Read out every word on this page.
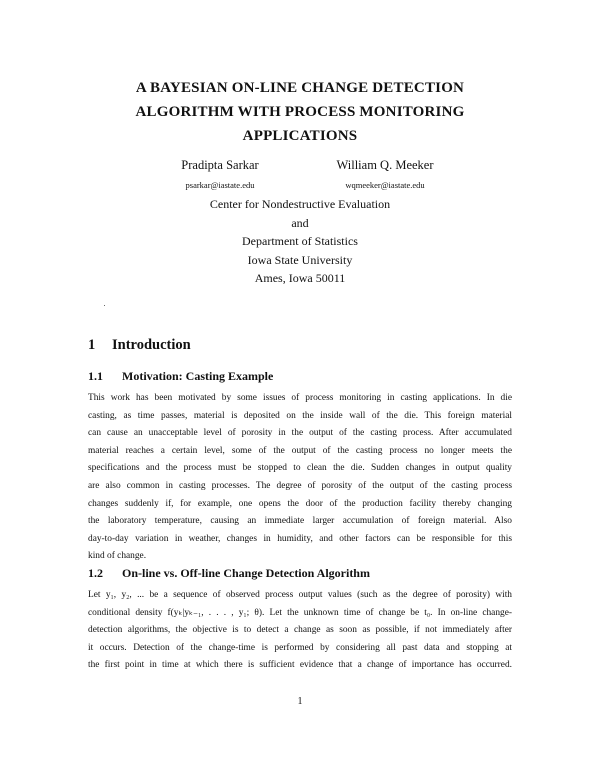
A BAYESIAN ON-LINE CHANGE DETECTION
ALGORITHM WITH PROCESS MONITORING
APPLICATIONS
Pradipta Sarkar
psarkar@iastate.edu
William Q. Meeker
wqmeeker@iastate.edu
Center for Nondestructive Evaluation
and
Department of Statistics
Iowa State University
Ames, Iowa 50011
1 Introduction
1.1 Motivation: Casting Example
This work has been motivated by some issues of process monitoring in casting applications. In die
casting, as time passes, material is deposited on the inside wall of the die. This foreign material
can cause an unacceptable level of porosity in the output of the casting process. After accumulated
material reaches a certain level, some of the output of the casting process no longer meets the
specifications and the process must be stopped to clean the die. Sudden changes in output quality
are also common in casting processes. The degree of porosity of the output of the casting process
changes suddenly if, for example, one opens the door of the production facility thereby changing
the laboratory temperature, causing an immediate larger accumulation of foreign material. Also
day-to-day variation in weather, changes in humidity, and other factors can be responsible for this
kind of change.
1.2 On-line vs. Off-line Change Detection Algorithm
Let y₁, y₂, ... be a sequence of observed process output values (such as the degree of porosity) with
conditional density f(yₖ|yₖ₋₁, . . . , y₁; θ). Let the unknown time of change be t₀. In on-line change-
detection algorithms, the objective is to detect a change as soon as possible, if not immediately after
it occurs. Detection of the change-time is performed by considering all past data and stopping at
the first point in time at which there is sufficient evidence that a change of importance has occurred.
1
